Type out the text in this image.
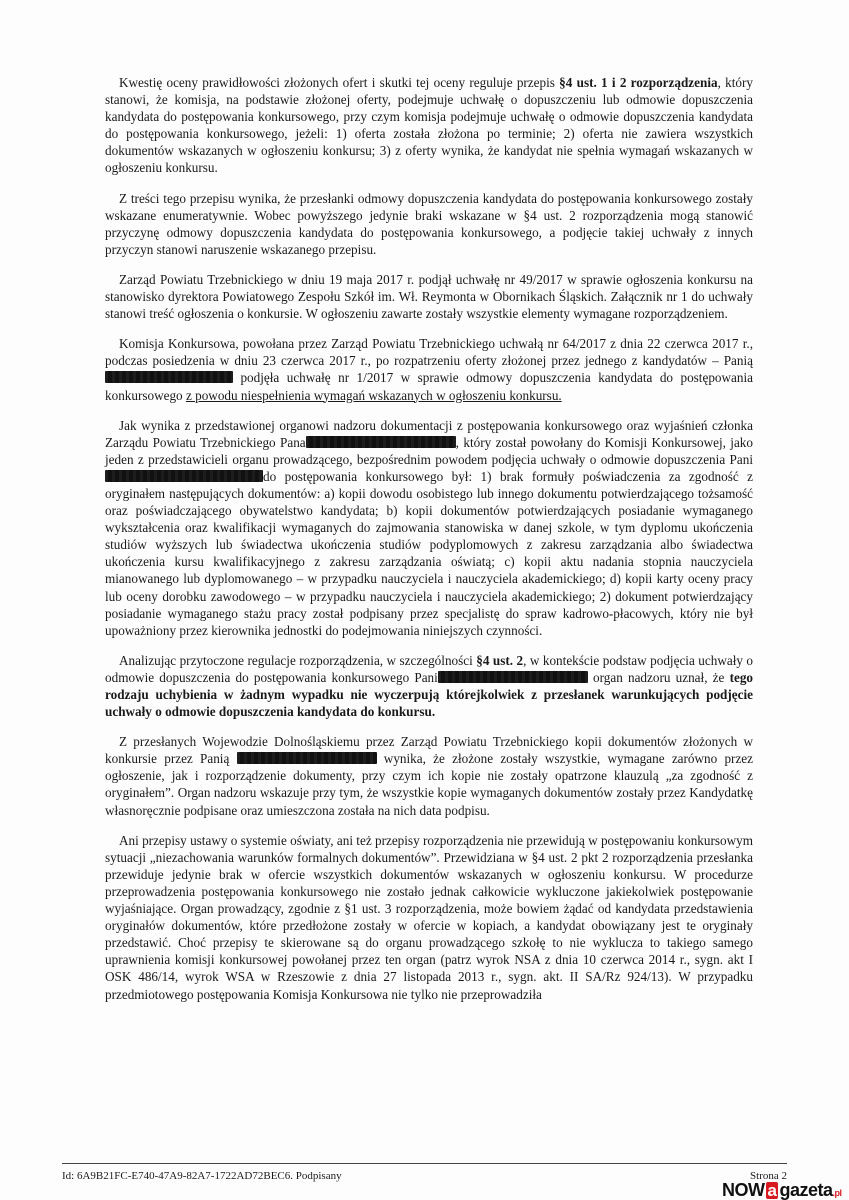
Kwestię oceny prawidłowości złożonych ofert i skutki tej oceny reguluje przepis §4 ust. 1 i 2 rozporządzenia, który stanowi, że komisja, na podstawie złożonej oferty, podejmuje uchwałę o dopuszczeniu lub odmowie dopuszczenia kandydata do postępowania konkursowego, przy czym komisja podejmuje uchwałę o odmowie dopuszczenia kandydata do postępowania konkursowego, jeżeli: 1) oferta została złożona po terminie; 2) oferta nie zawiera wszystkich dokumentów wskazanych w ogłoszeniu konkursu; 3) z oferty wynika, że kandydat nie spełnia wymagań wskazanych w ogłoszeniu konkursu.

Z treści tego przepisu wynika, że przesłanki odmowy dopuszczenia kandydata do postępowania konkursowego zostały wskazane enumeratywnie. Wobec powyższego jedynie braki wskazane w §4 ust. 2 rozporządzenia mogą stanowić przyczynę odmowy dopuszczenia kandydata do postępowania konkursowego, a podjęcie takiej uchwały z innych przyczyn stanowi naruszenie wskazanego przepisu.

Zarząd Powiatu Trzebnickiego w dniu 19 maja 2017 r. podjął uchwałę nr 49/2017 w sprawie ogłoszenia konkursu na stanowisko dyrektora Powiatowego Zespołu Szkół im. Wł. Reymonta w Obornikach Śląskich. Załącznik nr 1 do uchwały stanowi treść ogłoszenia o konkursie. W ogłoszeniu zawarte zostały wszystkie elementy wymagane rozporządzeniem.

Komisja Konkursowa, powołana przez Zarząd Powiatu Trzebnickiego uchwałą nr 64/2017 z dnia 22 czerwca 2017 r., podczas posiedzenia w dniu 23 czerwca 2017 r., po rozpatrzeniu oferty złożonej przez jednego z kandydatów – Panią  podjęła uchwałę nr 1/2017 w sprawie odmowy dopuszczenia kandydata do postępowania konkursowego z powodu niespełnienia wymagań wskazanych w ogłoszeniu konkursu.

Jak wynika z przedstawionej organowi nadzoru dokumentacji z postępowania konkursowego oraz wyjaśnień członka Zarządu Powiatu Trzebnickiego Pana	, który został powołany do Komisji Konkursowej, jako jeden z przedstawicieli organu prowadzącego, bezpośrednim powodem podjęcia uchwały o odmowie dopuszczenia Panido postępowania konkursowego był: 1) brak formuły poświadczenia za zgodność z oryginałem następujących dokumentów: a) kopii dowodu osobistego lub innego dokumentu potwierdzającego tożsamość oraz poświadczającego obywatelstwo kandydata; b) kopii dokumentów potwierdzających posiadanie wymaganego wykształcenia oraz kwalifikacji wymaganych do zajmowania stanowiska w danej szkole, w tym dyplomu ukończenia studiów wyższych lub świadectwa ukończenia studiów podyplomowych z zakresu zarządzania albo świadectwa ukończenia kursu kwalifikacyjnego z zakresu zarządzania oświatą; c) kopii aktu nadania stopnia nauczyciela mianowanego lub dyplomowanego – w przypadku nauczyciela i nauczyciela akademickiego; d) kopii karty oceny pracy lub oceny dorobku zawodowego – w przypadku nauczyciela i nauczyciela akademickiego; 2) dokument potwierdzający posiadanie wymaganego stażu pracy został podpisany przez specjalistę do spraw kadrowo-płacowych, który nie był upoważniony przez kierownika jednostki do podejmowania niniejszych czynności.

Analizując przytoczone regulacje rozporządzenia, w szczególności §4 ust. 2, w kontekście podstaw podjęcia uchwały o odmowie dopuszczenia do postępowania konkursowego Pani	organ nadzoru uznał, że tego rodzaju uchybienia w żadnym wypadku nie wyczerpują którejkolwiek z przesłanek warunkujących podjęcie uchwały o odmowie dopuszczenia kandydata do konkursu.

Z przesłanych Wojewodzie Dolnośląskiemu przez Zarząd Powiatu Trzebnickiego kopii dokumentów złożonych w konkursie przez Panią	wynika, że złożone zostały wszystkie, wymagane zarówno przez ogłoszenie, jak i rozporządzenie dokumenty, przy czym ich kopie nie zostały opatrzone klauzulą „za zgodność z oryginałem”. Organ nadzoru wskazuje przy tym, że wszystkie kopie wymaganych dokumentów zostały przez Kandydatkę własnoręcznie podpisane oraz umieszczona została na nich data podpisu.

Ani przepisy ustawy o systemie oświaty, ani też przepisy rozporządzenia nie przewidują w postępowaniu konkursowym sytuacji „niezachowania warunków formalnych dokumentów”. Przewidziana w §4 ust. 2 pkt 2 rozporządzenia przesłanka przewiduje jedynie brak w ofercie wszystkich dokumentów wskazanych w ogłoszeniu konkursu. W procedurze przeprowadzenia postępowania konkursowego nie zostało jednak całkowicie wykluczone jakiekolwiek postępowanie wyjaśniające. Organ prowadzący, zgodnie z §1 ust. 3 rozporządzenia, może bowiem żądać od kandydata przedstawienia oryginałów dokumentów, które przedłożone zostały w ofercie w kopiach, a kandydat obowiązany jest te oryginały przedstawić. Choć przepisy te skierowane są do organu prowadzącego szkołę to nie wyklucza to takiego samego uprawnienia komisji konkursowej powołanej przez ten organ (patrz wyrok NSA z dnia 10 czerwca 2014 r., sygn. akt I OSK 486/14, wyrok WSA w Rzeszowie z dnia 27 listopada 2013 r., sygn. akt. II SA/Rz 924/13). W przypadku przedmiotowego postępowania Komisja Konkursowa nie tylko nie przeprowadziła

Id: 6A9B21FC-E740-47A9-82A7-1722AD72BEC6. Podpisany	Strona 2
NOW a gazeta.pl
